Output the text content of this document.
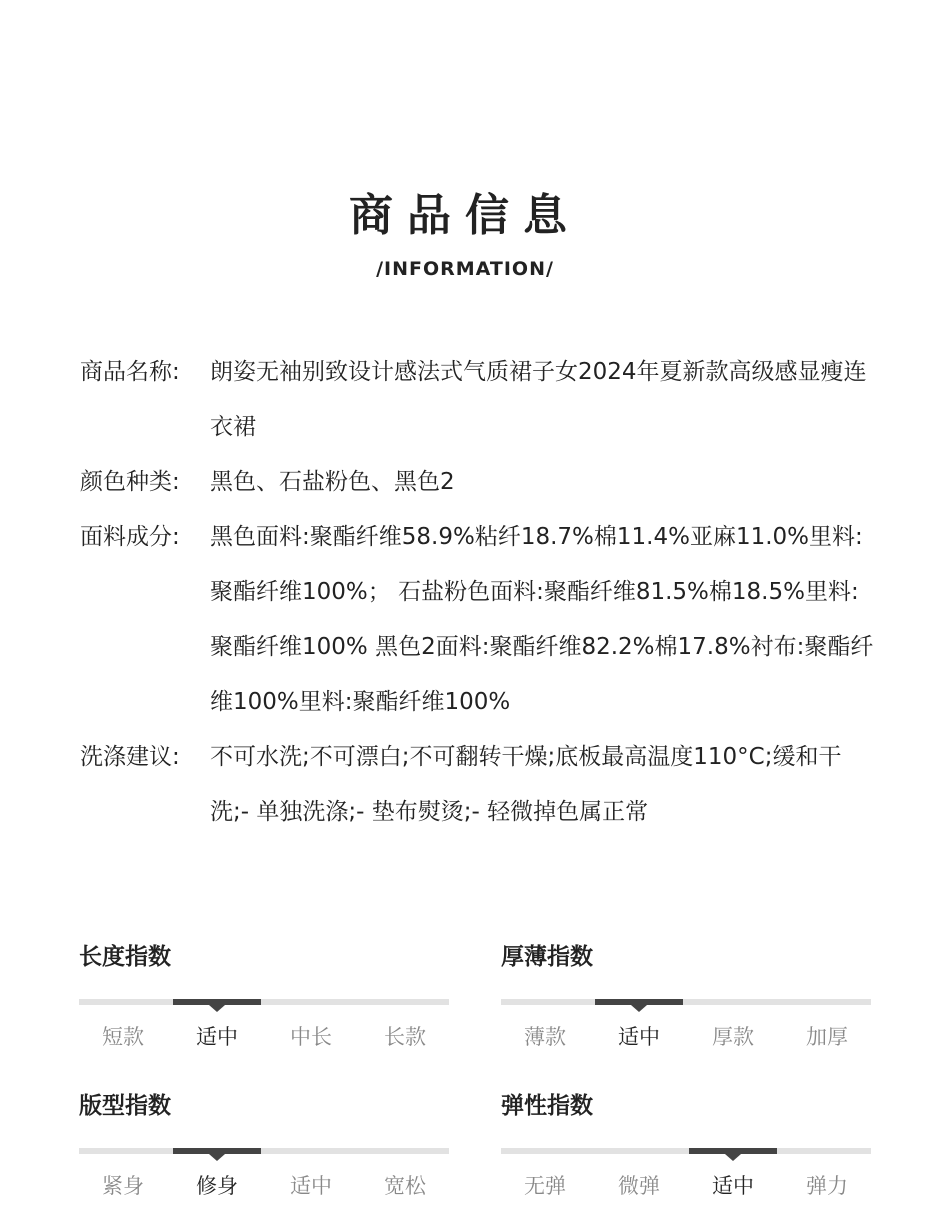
商品信息
/INFORMATION/
商品名称:	朗姿无袖别致设计感法式气质裙子女2024年夏新款高级感显瘦连衣裙
颜色种类:	黑色、石盐粉色、黑色2
面料成分:	黑色面料:聚酯纤维58.9%粘纤18.7%棉11.4%亚麻11.0%里料:聚酯纤维100%； 石盐粉色面料:聚酯纤维81.5%棉18.5%里料:聚酯纤维100% 黑色2面料:聚酯纤维82.2%棉17.8%衬布:聚酯纤维100%里料:聚酯纤维100%
洗涤建议:	不可水洗;不可漂白;不可翻转干燥;底板最高温度110°C;缓和干洗;- 单独洗涤;- 垫布熨烫;- 轻微掉色属正常
长度指数
短款	适中	中长	长款
厚薄指数
薄款	适中	厚款	加厚
版型指数
紧身	修身	适中	宽松
弹性指数
无弹	微弹	适中	弹力
